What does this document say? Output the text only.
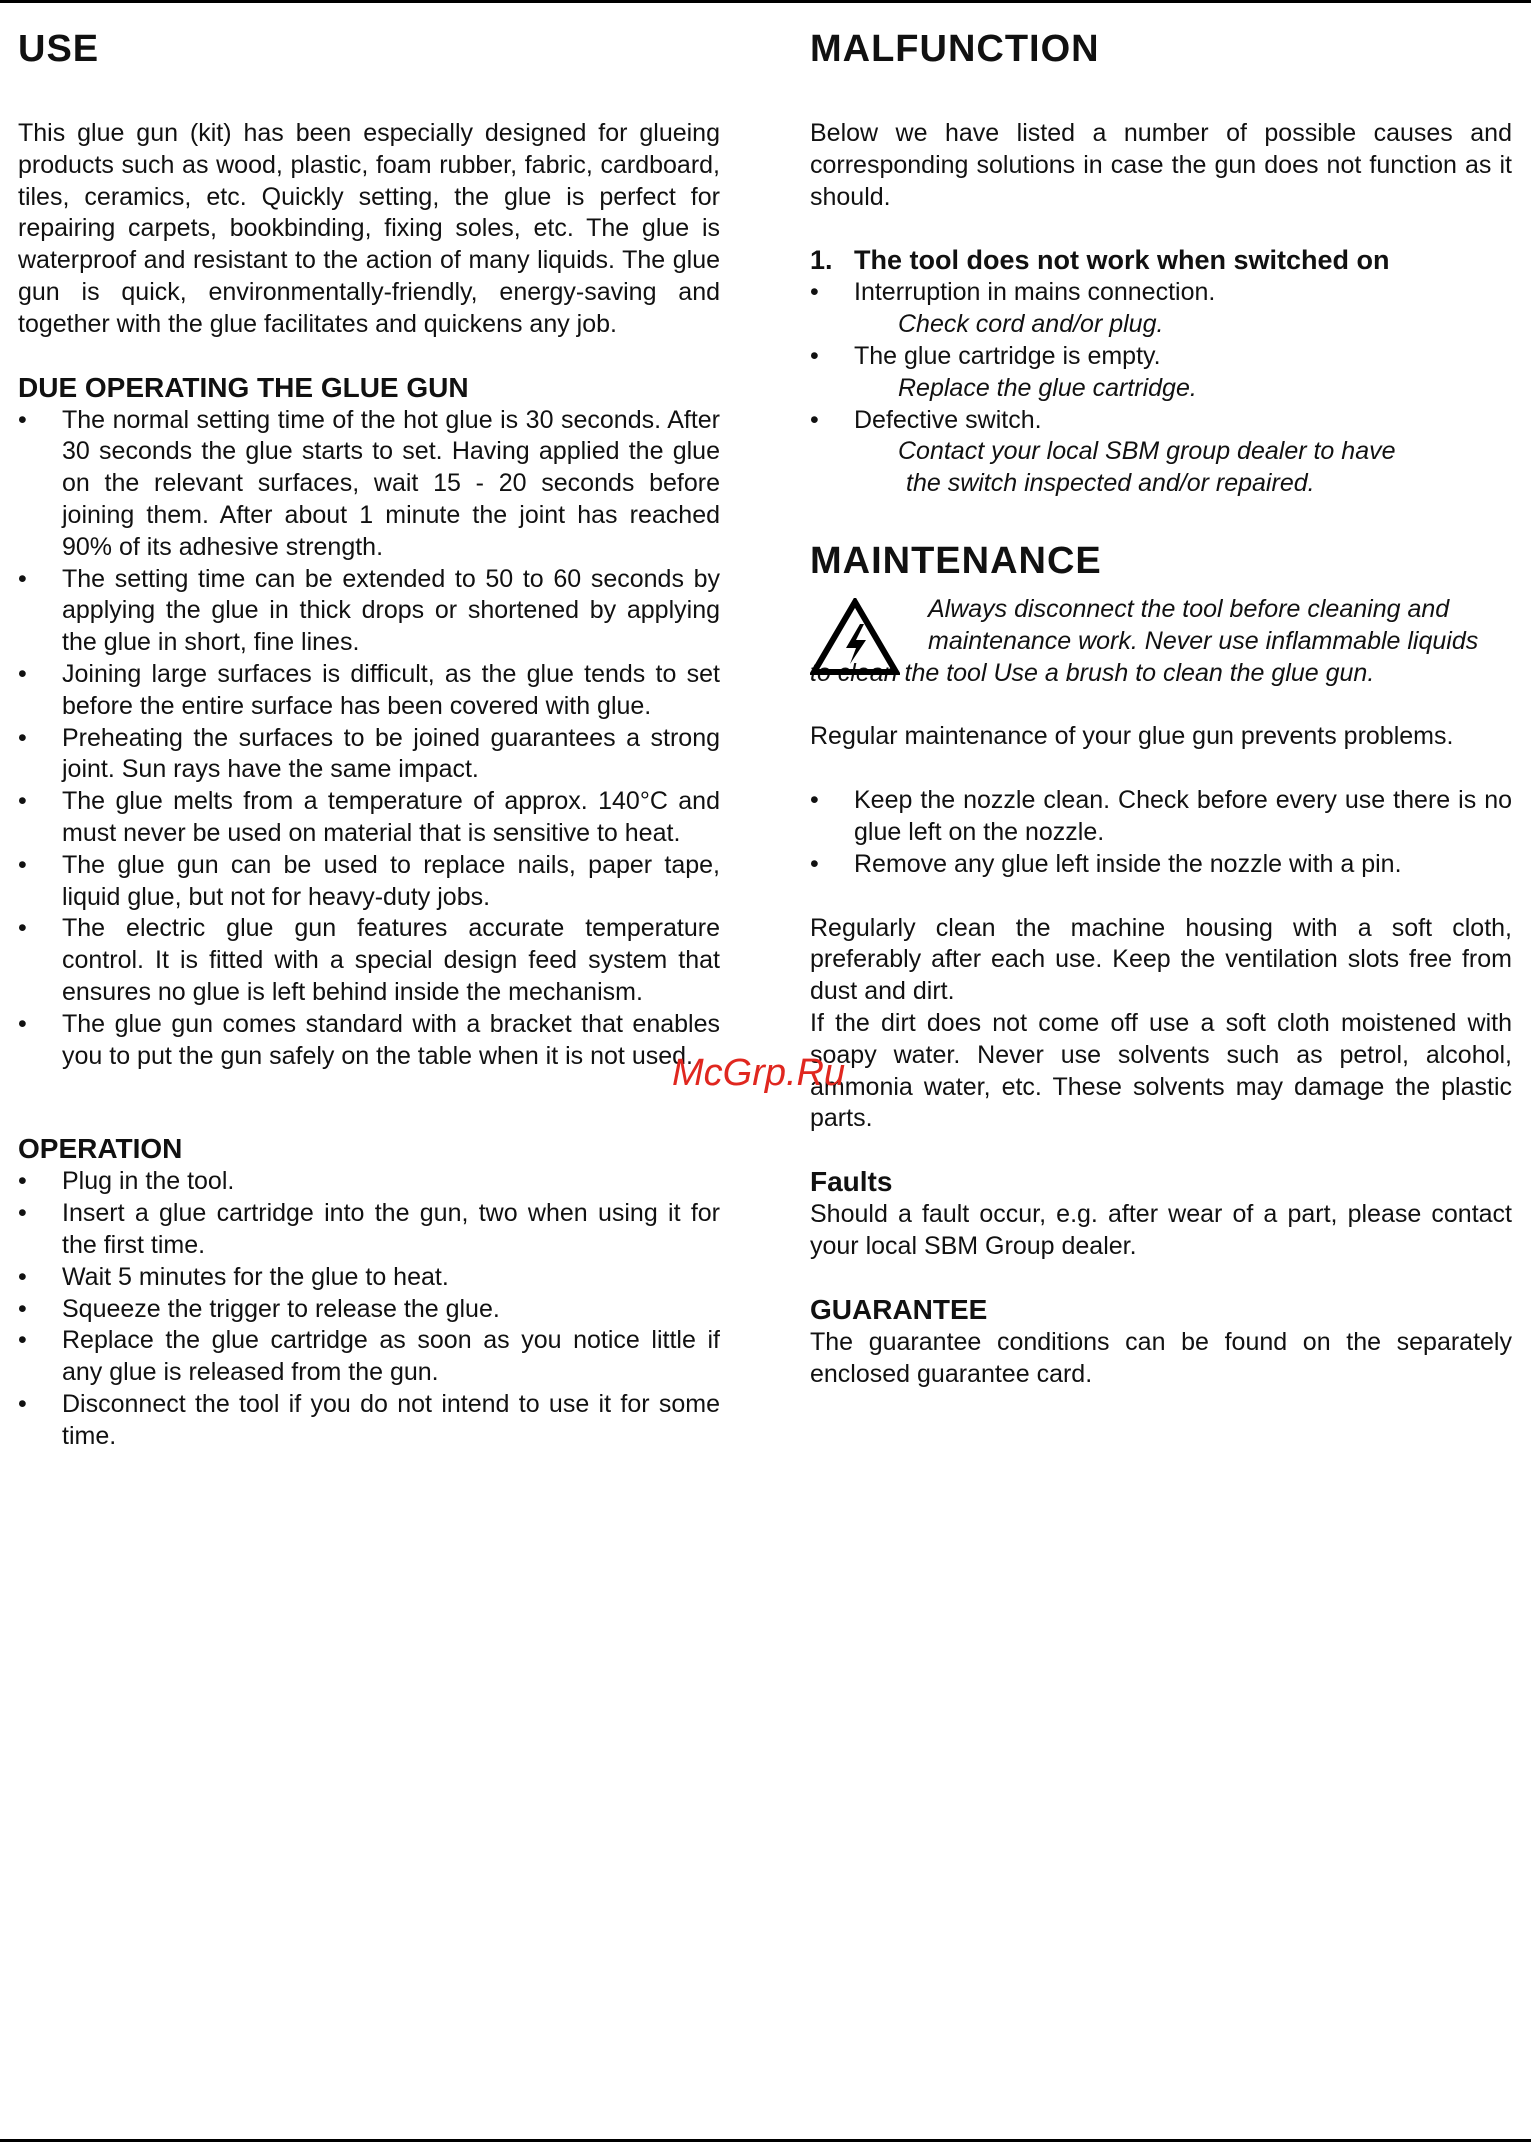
USE

This glue gun (kit) has been especially designed for glueing products such as wood, plastic, foam rubber, fabric, cardboard, tiles, ceramics, etc. Quickly setting, the glue is perfect for repairing carpets, bookbinding, fixing soles, etc. The glue is waterproof and resistant to the action of many liquids. The glue gun is quick, environmentally-friendly, energy-saving and together with the glue facilitates and quickens any job.

DUE OPERATING THE GLUE GUN
• The normal setting time of the hot glue is 30 seconds. After 30 seconds the glue starts to set. Having applied the glue on the relevant surfaces, wait 15 - 20 seconds before joining them. After about 1 minute the joint has reached 90% of its adhesive strength.
• The setting time can be extended to 50 to 60 seconds by applying the glue in thick drops or shortened by applying the glue in short, fine lines.
• Joining large surfaces is difficult, as the glue tends to set before the entire surface has been covered with glue.
• Preheating the surfaces to be joined guarantees a strong joint. Sun rays have the same impact.
• The glue melts from a temperature of approx. 140°C and must never be used on material that is sensitive to heat.
• The glue gun can be used to replace nails, paper tape, liquid glue, but not for heavy-duty jobs.
• The electric glue gun features accurate temperature control. It is fitted with a special design feed system that ensures no glue is left behind inside the mechanism.
• The glue gun comes standard with a bracket that enables you to put the gun safely on the table when it is not used.
OPERATION
• Plug in the tool.
• Insert a glue cartridge into the gun, two when using it for the first time.
• Wait 5 minutes for the glue to heat.
• Squeeze the trigger to release the glue.
• Replace the glue cartridge as soon as you notice little if any glue is released from the gun.
• Disconnect the tool if you do not intend to use it for some time.
MALFUNCTION

Below we have listed a number of possible causes and corresponding solutions in case the gun does not function as it should.

1. The tool does not work when switched on
• Interruption in mains connection.

Check cord and/or plug.

• The glue cartridge is empty.

Replace the glue cartridge.

• Defective switch.

Contact your local SBM group dealer to have

the switch inspected and/or repaired.

MAINTENANCE
Always disconnect the tool before cleaning and
maintenance work. Never use inflammable liquids
to clean the tool Use a brush to clean the glue gun.

Regular maintenance of your glue gun prevents problems.

• Keep the nozzle clean. Check before every use there is no glue left on the nozzle.
• Remove any glue left inside the nozzle with a pin.

Regularly clean the machine housing with a soft cloth, preferably after each use. Keep the ventilation slots free from dust and dirt.

If the dirt does not come off use a soft cloth moistened with soapy water. Never use solvents such as petrol, alcohol, ammonia water, etc. These solvents may damage the plastic parts.

Faults

Should a fault occur, e.g. after wear of a part, please contact your local SBM Group dealer.

GUARANTEE

The guarantee conditions can be found on the separately enclosed guarantee card.

McGrp.Ru
